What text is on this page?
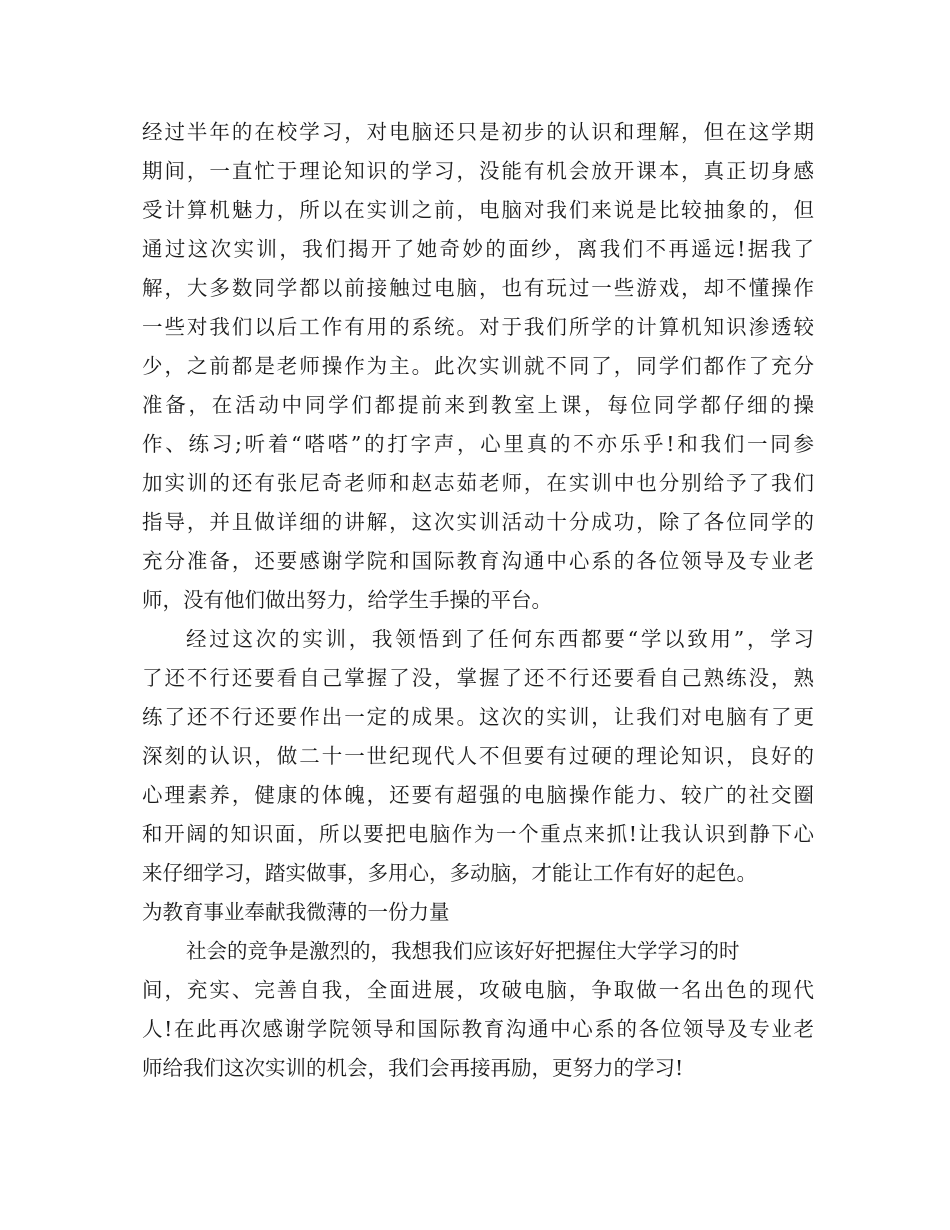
经过半年的在校学习，对电脑还只是初步的认识和理解，但在这学期
期间，一直忙于理论知识的学习，没能有机会放开课本，真正切身感
受计算机魅力，所以在实训之前，电脑对我们来说是比较抽象的，但
通过这次实训，我们揭开了她奇妙的面纱，离我们不再遥远!据我了
解，大多数同学都以前接触过电脑，也有玩过一些游戏，却不懂操作
一些对我们以后工作有用的系统。对于我们所学的计算机知识渗透较
少，之前都是老师操作为主。此次实训就不同了，同学们都作了充分
准备，在活动中同学们都提前来到教室上课，每位同学都仔细的操
作、练习;听着“嗒嗒”的打字声，心里真的不亦乐乎!和我们一同参
加实训的还有张尼奇老师和赵志茹老师，在实训中也分别给予了我们
指导，并且做详细的讲解，这次实训活动十分成功，除了各位同学的
充分准备，还要感谢学院和国际教育沟通中心系的各位领导及专业老
师，没有他们做出努力，给学生手操的平台。
经过这次的实训，我领悟到了任何东西都要“学以致用”，学习
了还不行还要看自己掌握了没，掌握了还不行还要看自己熟练没，熟
练了还不行还要作出一定的成果。这次的实训，让我们对电脑有了更
深刻的认识，做二十一世纪现代人不但要有过硬的理论知识，良好的
心理素养，健康的体魄，还要有超强的电脑操作能力、较广的社交圈
和开阔的知识面，所以要把电脑作为一个重点来抓!让我认识到静下心
来仔细学习，踏实做事，多用心，多动脑，才能让工作有好的起色。
为教育事业奉献我微薄的一份力量
社会的竞争是激烈的，我想我们应该好好把握住大学学习的时
间，充实、完善自我，全面进展，攻破电脑，争取做一名出色的现代
人!在此再次感谢学院领导和国际教育沟通中心系的各位领导及专业老
师给我们这次实训的机会，我们会再接再励，更努力的学习!
